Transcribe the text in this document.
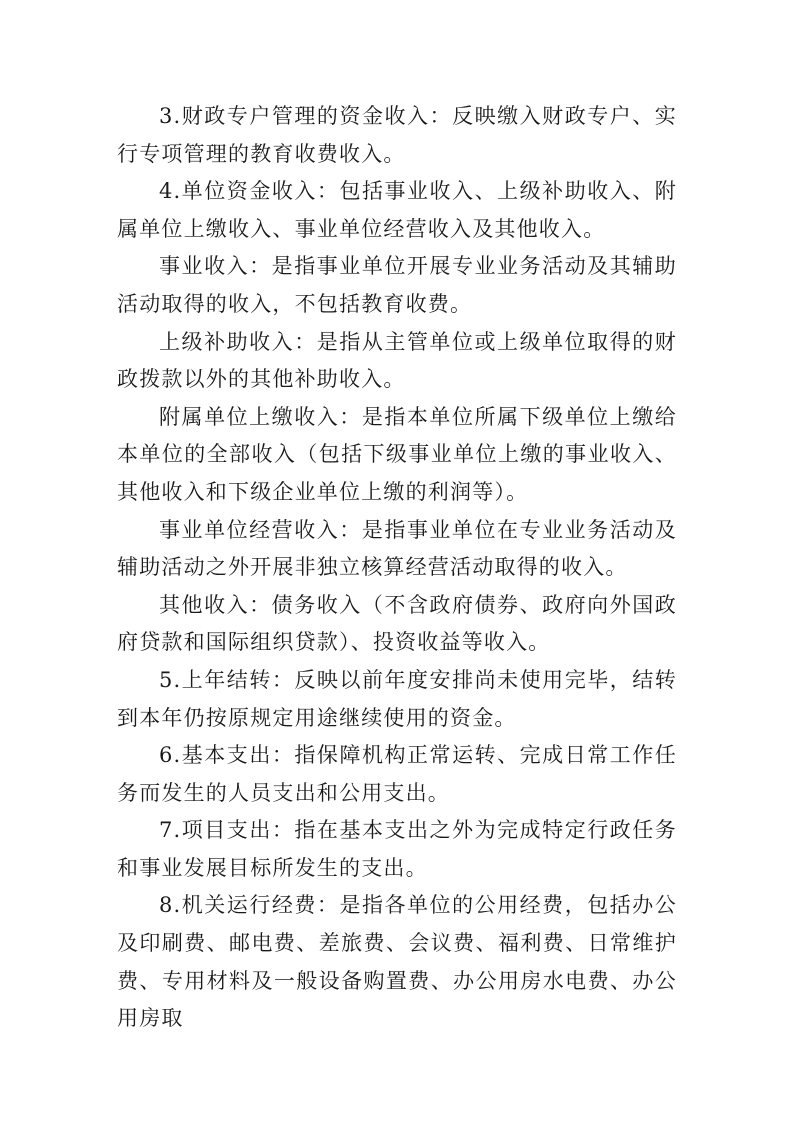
3.财政专户管理的资金收入：反映缴入财政专户、实行专项管理的教育收费收入。

4.单位资金收入：包括事业收入、上级补助收入、附属单位上缴收入、事业单位经营收入及其他收入。

事业收入：是指事业单位开展专业业务活动及其辅助活动取得的收入，不包括教育收费。

上级补助收入：是指从主管单位或上级单位取得的财政拨款以外的其他补助收入。

附属单位上缴收入：是指本单位所属下级单位上缴给本单位的全部收入（包括下级事业单位上缴的事业收入、其他收入和下级企业单位上缴的利润等）。

事业单位经营收入：是指事业单位在专业业务活动及辅助活动之外开展非独立核算经营活动取得的收入。

其他收入：债务收入（不含政府债券、政府向外国政府贷款和国际组织贷款）、投资收益等收入。

5.上年结转：反映以前年度安排尚未使用完毕，结转到本年仍按原规定用途继续使用的资金。

6.基本支出：指保障机构正常运转、完成日常工作任务而发生的人员支出和公用支出。

7.项目支出：指在基本支出之外为完成特定行政任务和事业发展目标所发生的支出。

8.机关运行经费：是指各单位的公用经费，包括办公及印刷费、邮电费、差旅费、会议费、福利费、日常维护费、专用材料及一般设备购置费、办公用房水电费、办公用房取
